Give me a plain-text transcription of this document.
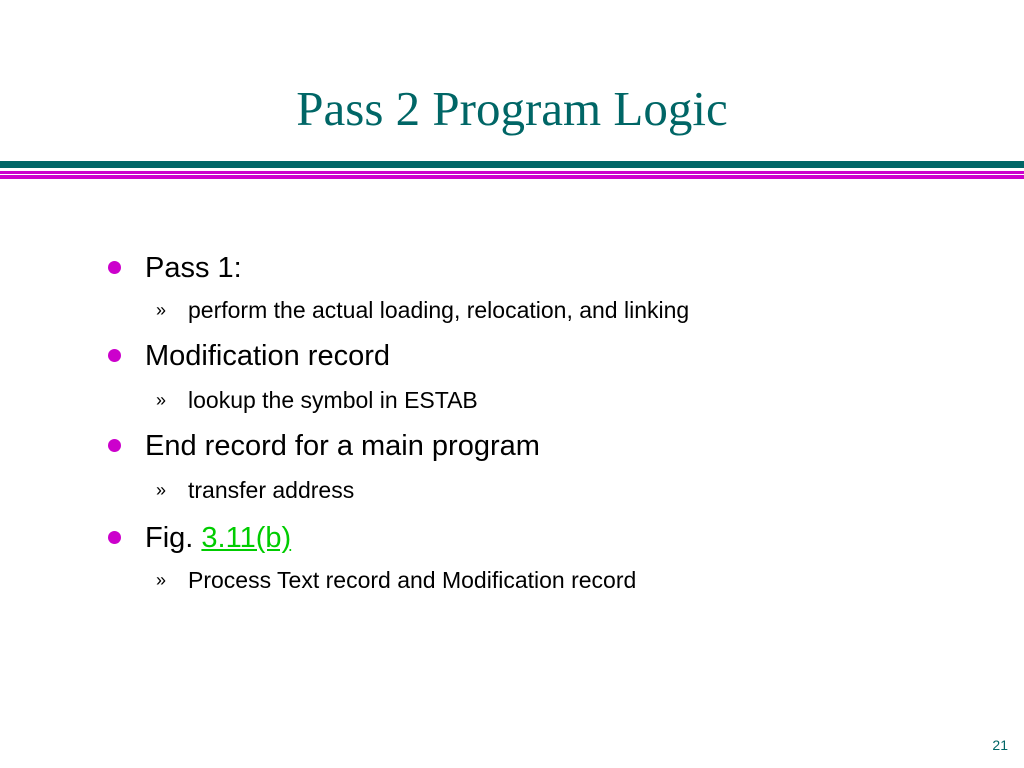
Pass 2 Program Logic
Pass 1:
» perform the actual loading, relocation, and linking
Modification record
» lookup the symbol in ESTAB
End record for a main program
» transfer address
Fig. 3.11(b)
» Process Text record and Modification record
21
